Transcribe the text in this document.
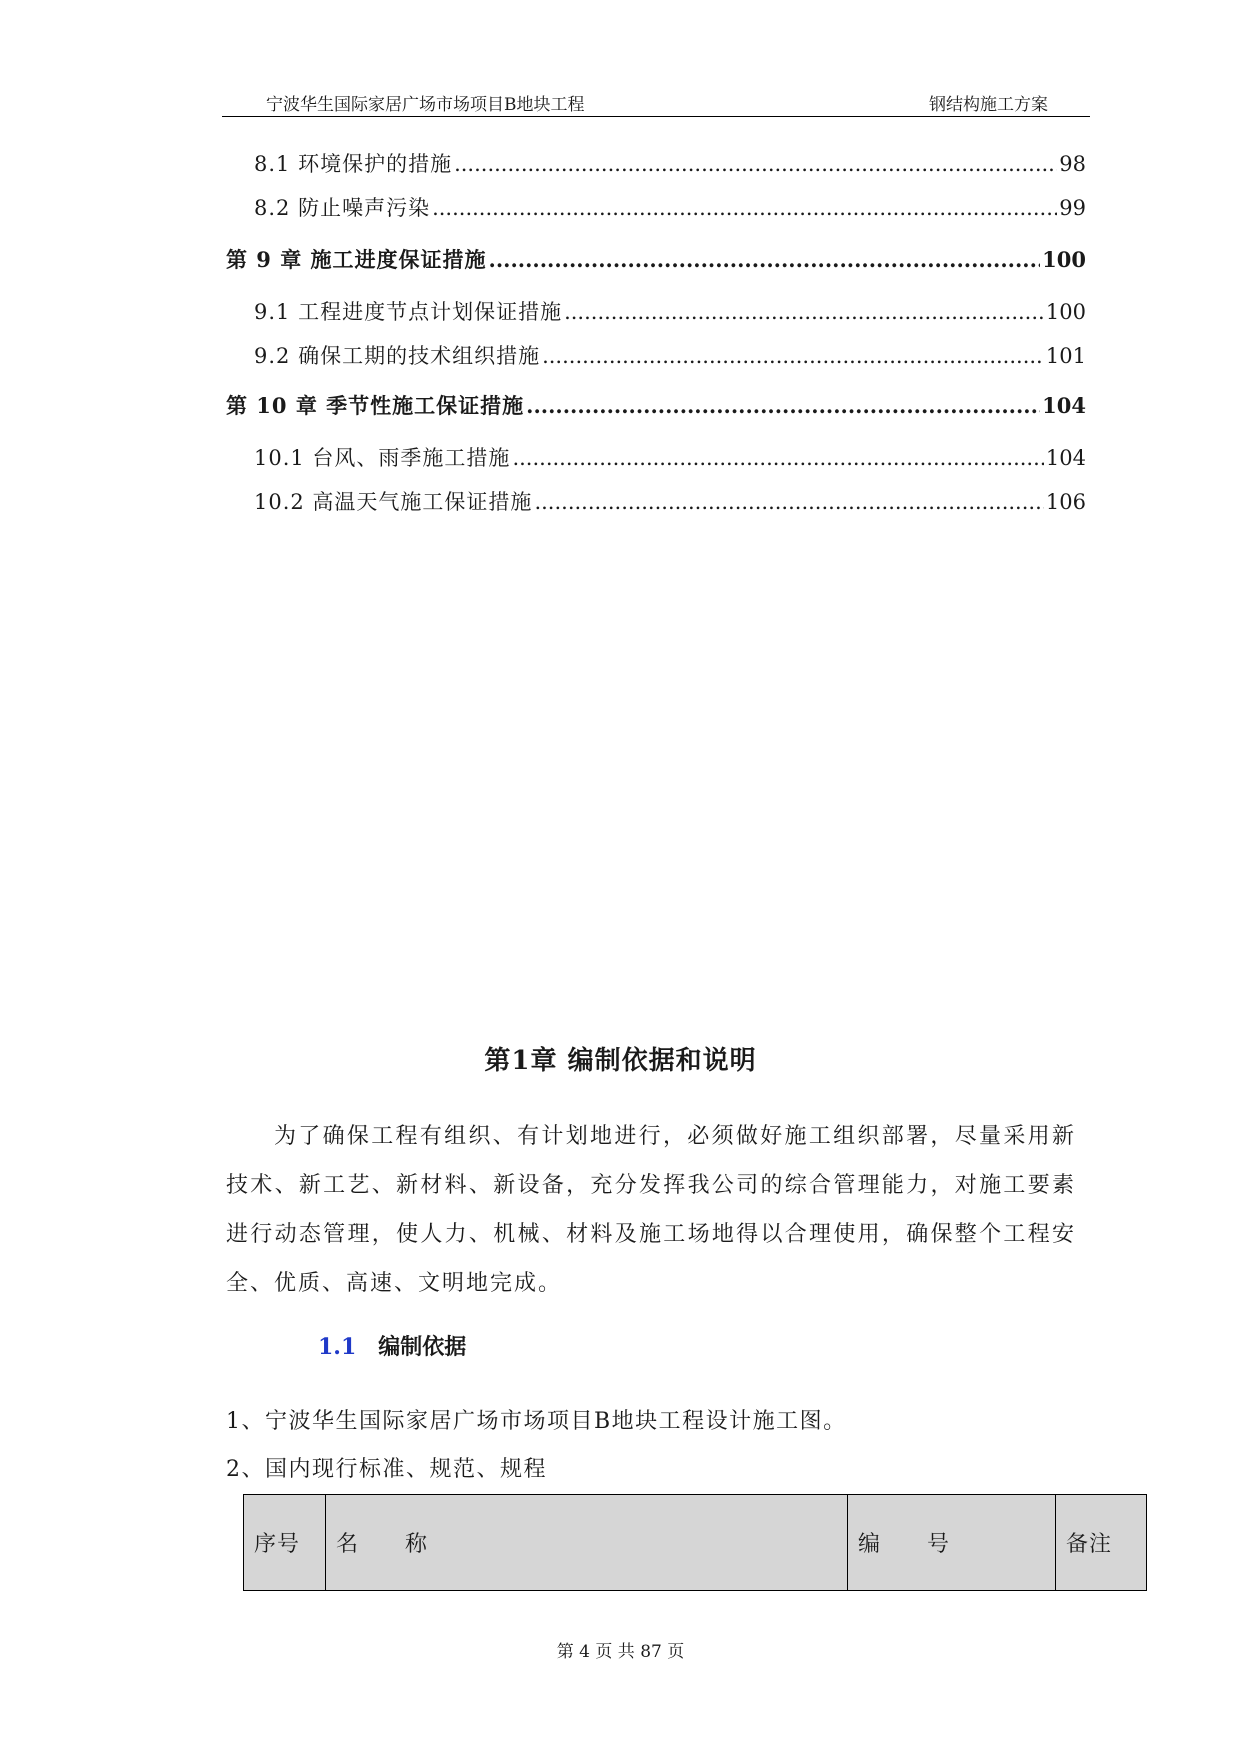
宁波华生国际家居广场市场项目B地块工程	钢结构施工方案
8.1 环境保护的措施 .....	98
8.2 防止噪声污染 .....	99
第 9 章 施工进度保证措施 .....	100
9.1 工程进度节点计划保证措施 .....	100
9.2 确保工期的技术组织措施 .....	101
第 10 章 季节性施工保证措施 .....	104
10.1 台风、雨季施工措施 .....	104
10.2 高温天气施工保证措施 .....	106
第1章 编制依据和说明
为了确保工程有组织、有计划地进行，必须做好施工组织部署，尽量采用新技术、新工艺、新材料、新设备，充分发挥我公司的综合管理能力，对施工要素进行动态管理，使人力、机械、材料及施工场地得以合理使用，确保整个工程安全、优质、高速、文明地完成。
1.1 编制依据
1、宁波华生国际家居广场市场项目B地块工程设计施工图。
2、国内现行标准、规范、规程
序号	名　　称	编　　号	备注
第 4 页 共 87 页
